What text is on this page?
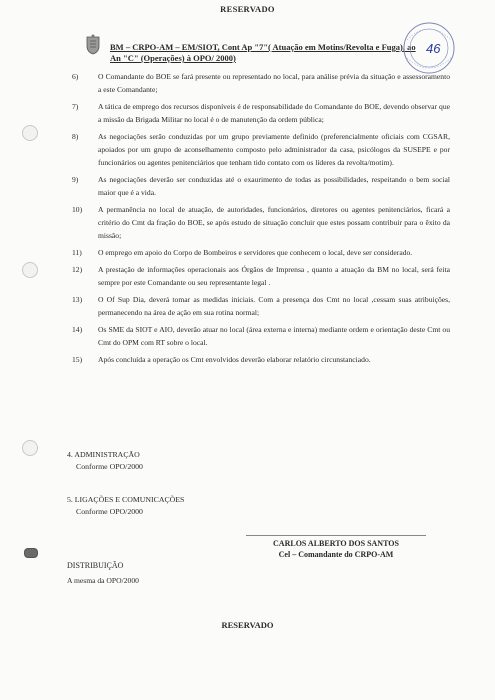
RESERVADO
BM – CRPO-AM – EM/SIOT, Cont Ap "7"( Atuação em Motins/Revolta e Fuga), ao
An "C" (Operações) à OPO/ 2000)
46
6)	O Comandante do BOE se fará presente ou representado no local, para análise prévia da situação e assessoramento a este Comandante;
7)	A tática de emprego dos recursos disponíveis é de responsabilidade do Comandante do BOE, devendo observar que a missão da Brigada Militar no local é o de manutenção da ordem pública;
8)	As negociações serão conduzidas por um grupo previamente definido (preferencialmente oficiais com CGSAR, apoiados por um grupo de aconselhamento composto pelo administrador da casa, psicólogos da SUSEPE e por funcionários ou agentes penitenciários que tenham tido contato com os líderes da revolta/motim).
9)	As negociações deverão ser conduzidas até o exaurimento de todas as possibilidades, respeitando o bem social maior que é a vida.
10) A permanência no local de atuação, de autoridades, funcionários, diretores ou agentes penitenciários, ficará a critério do Cmt da fração do BOE, se após estudo de situação concluir que estes possam contribuir para o êxito da missão;
11) O emprego em apoio do Corpo de Bombeiros e servidores que conhecem o local, deve ser considerado.
12) A prestação de informações operacionais aos Órgãos de Imprensa , quanto a atuação da BM no local, será feita sempre por este Comandante ou seu representante legal .
13) O Of Sup Dia, deverá tomar as medidas iniciais. Com a presença dos Cmt no local ,cessam suas atribuições, permanecendo na área de ação em sua rotina normal;
14) Os SME da SIOT e AIO, deverão atuar no local (área externa e interna) mediante ordem e orientação deste Cmt ou Cmt do OPM com RT sobre o local.
15) Após concluída a operação os Cmt envolvidos deverão elaborar relatório circunstanciado.
4. ADMINISTRAÇÃO
Conforme OPO/2000
5. LIGAÇÕES E COMUNICAÇÕES
Conforme OPO/2000
CARLOS ALBERTO DOS SANTOS
Cel – Comandante do CRPO-AM
DISTRIBUIÇÃO
A mesma da OPO/2000
RESERVADO
